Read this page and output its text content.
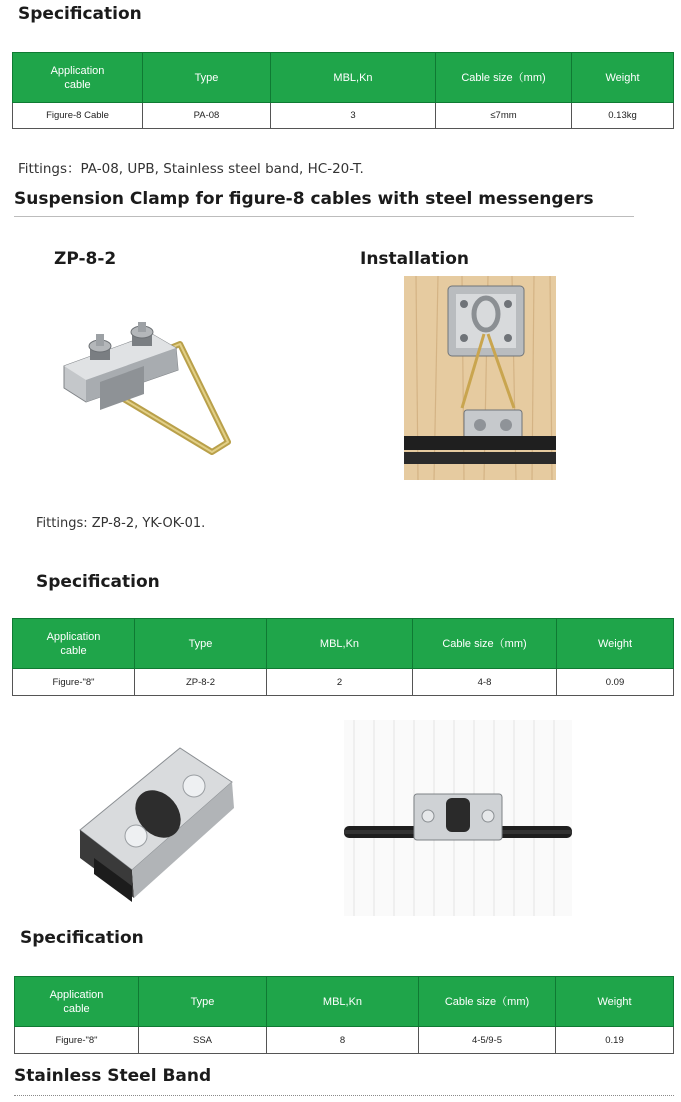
Specification
Application
cable	Type	MBL,Kn	Cable size（mm)	Weight
Figure-8 Cable	PA-08	3	≤7mm	0.13kg
Fittings：PA-08, UPB, Stainless steel band, HC-20-T.
Suspension Clamp for figure-8 cables with steel messengers
ZP-8-2	Installation
Fittings: ZP-8-2, YK-OK-01.
Specification
Application
cable	Type	MBL,Kn	Cable size（mm)	Weight
Figure-"8"	ZP-8-2	2	4-8	0.09
Specification
Application
cable	Type	MBL,Kn	Cable size（mm)	Weight
Figure-"8"	SSA	8	4-5/9-5	0.19
Stainless Steel Band
